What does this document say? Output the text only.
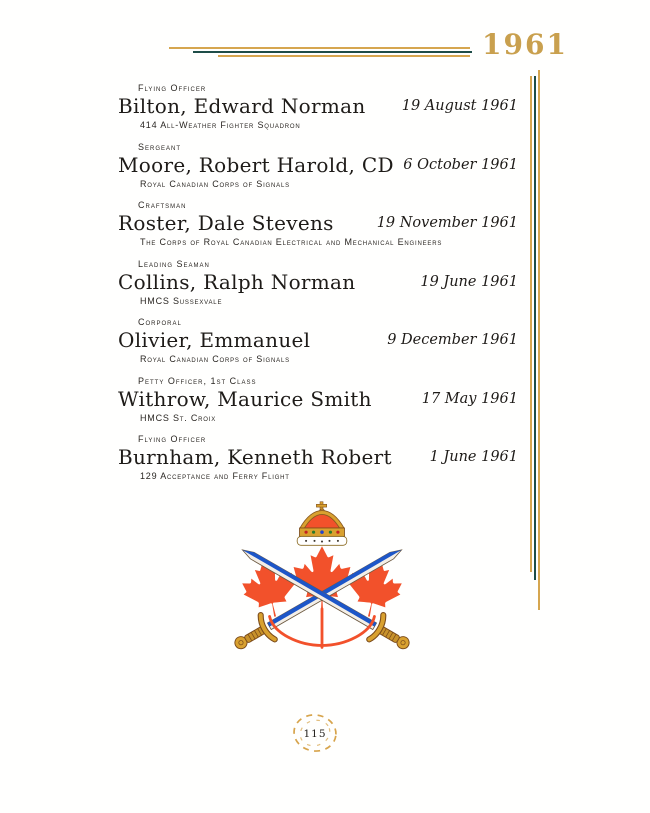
1961
Flying Officer
Bilton, Edward Norman
414 All-Weather Fighter Squadron
19 August 1961
Sergeant
Moore, Robert Harold, CD
Royal Canadian Corps of Signals
6 October 1961
Craftsman
Roster, Dale Stevens
The Corps of Royal Canadian Electrical and Mechanical Engineers
19 November 1961
Leading Seaman
Collins, Ralph Norman
HMCS Sussexvale
19 June 1961
Corporal
Olivier, Emmanuel
Royal Canadian Corps of Signals
9 December 1961
Petty Officer, 1st Class
Withrow, Maurice Smith
HMCS St. Croix
17 May 1961
Flying Officer
Burnham, Kenneth Robert
129 Acceptance and Ferry Flight
1 June 1961
115
